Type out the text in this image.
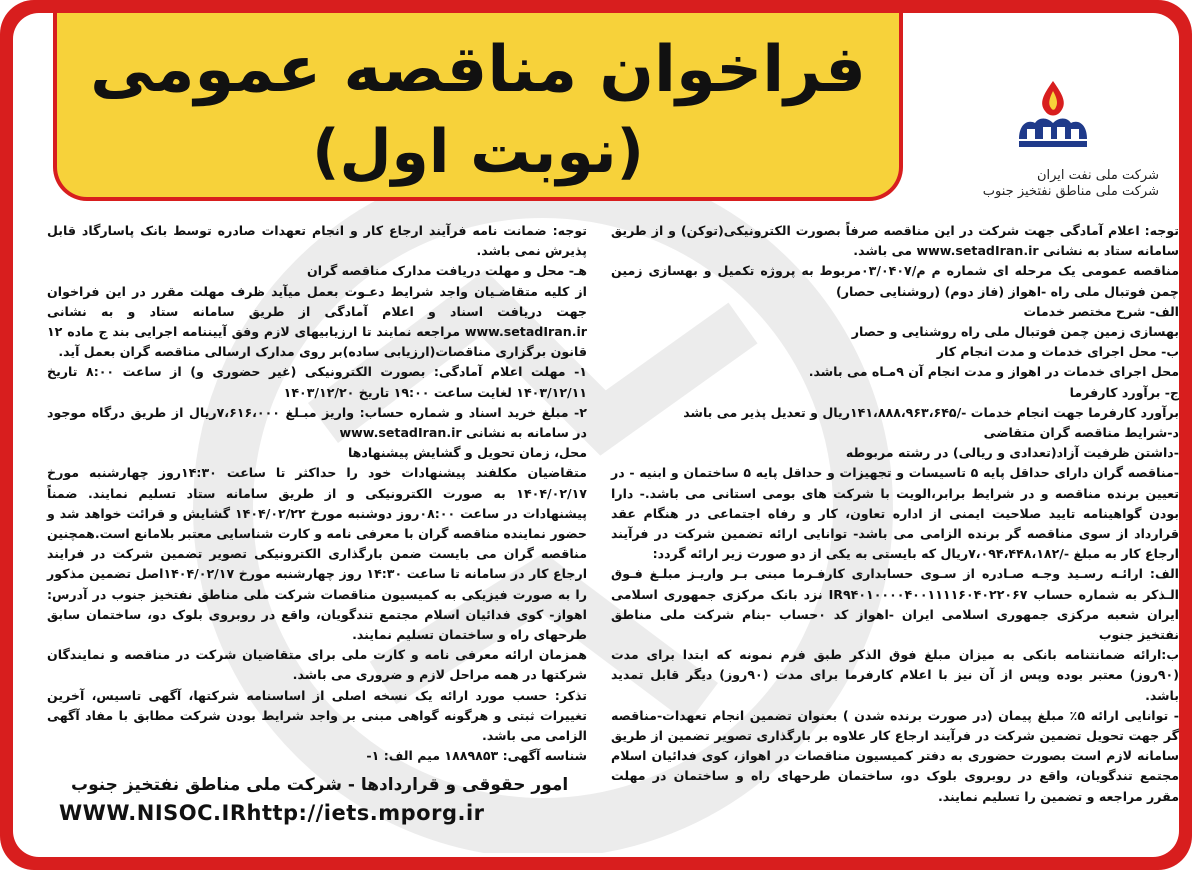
فراخوان مناقصه عمومی
(نوبت اول)	شرکت ملی نفت ایران
شرکت ملی مناطق نفتخیز جنوب

توجه: اعلام آمادگی جهت شرکت در این مناقصه صرفاً بصورت الکترونیکی(توکن) و از طریق سامانه ستاد به نشانی www.setadIran.ir می باشد.

مناقصه عمومی یک مرحله ای شماره م م/۰۳/۰۴۰۷مربوط به پروژه تکمیل و بهسازی زمین چمن فوتبال ملی راه -اهواز (فاز دوم) (روشنایی حصار)

الف- شرح مختصر خدمات

بهسازی زمین چمن فوتبال ملی راه روشنایی و حصار

ب- محل اجرای خدمات و مدت انجام کار

محل اجرای خدمات در اهواز و مدت انجام آن ۹مـاه می باشد.

ج- برآورد کارفرما

برآورد کارفرما جهت انجام خدمات -/۱۴۱،۸۸۸،۹۶۳،۶۴۵ریال و تعدیل پذیر می باشد

د-شرایط مناقصه گران متقاضی

-داشتن ظرفیت آزاد(تعدادی و ریالی) در رشته مربوطه

-مناقصه گران دارای حداقل پایه ۵ تاسیسات و تجهیزات و حداقل پایه ۵ ساختمان و ابنیه - در تعیین برنده مناقصه و در شرایط برابر،الویت با شرکت های بومی استانی می باشد.- دارا بودن گواهینامه تایید صلاحیت ایمنی از اداره تعاون، کار و رفاه اجتماعی در هنگام عقد قرارداد از سوی مناقصه گر برنده الزامی می باشد- توانایی ارائه تضمین شرکت در فرآیند ارجاع کار به مبلغ -/۷،۰۹۴،۴۴۸،۱۸۲ریال که بایستی به یکی از دو صورت زیر ارائه گردد:

الف: ارائـه رسـید وجـه صـادره از سـوی حسابداری کارفـرما مبنی بـر واریـز مبلـغ فـوق الـذکر به شماره حساب IR۹۴۰۱۰۰۰۰۴۰۰۱۱۱۱۶۰۴۰۲۲۰۶۷ نزد بانک مرکزی جمهوری اسلامی ایران شعبه مرکزی جمهوری اسلامی ایران -اهواز کد ۰حساب -بنام شرکت ملی مناطق نفتخیز جنوب

ب:ارائه ضمانتنامه بانکی به میزان مبلغ فوق الذکر طبق فرم نمونه که ابتدا برای مدت (۹۰روز) معتبر بوده وپس از آن نیز با اعلام کارفرما برای مدت (۹۰روز) دیگر قابل تمدید باشد.

- توانایی ارائه ۵٪ مبلغ پیمان (در صورت برنده شدن ) بعنوان تضمین انجام تعهدات-مناقصه گر جهت تحویل تضمین شرکت در فرآیند ارجاع کار علاوه بر بارگذاری تصویر تضمین از طریق سامانه لازم است بصورت حضوری به دفتر کمیسیون مناقصات در اهواز، کوی فدائیان اسلام مجتمع تندگویان، واقع در روبروی بلوک دو، ساختمان طرحهای راه و ساختمان در مهلت مقرر مراجعه و تضمین را تسلیم نمایند.

توجه: ضمانت نامه فرآیند ارجاع کار و انجام تعهدات صادره توسط بانک پاسارگاد قابل پذیرش نمی باشد.

هـ- محل و مهلت دریافت مدارک مناقصه گران

از کلیه متقاضـیان واجد شرایط دعـوت بعمل میآید ظرف مهلت مقرر در این فراخوان جهت دریافت اسناد و اعلام آمادگی از طریق سامانه ستاد و به نشانی www.setadIran.ir مراجعه نمایند تا ارزیابیهای لازم وفق آییننامه اجرایی بند ج ماده ۱۲ قانون برگزاری مناقصات(ارزیابی ساده)بر روی مدارک ارسالی مناقصه گران بعمل آید.

۱- مهلت اعلام آمادگی: بصورت الکترونیکی (غیر حضوری و) از ساعت ۸:۰۰ تاریخ ۱۴۰۳/۱۲/۱۱ لغایت ساعت ۱۹:۰۰ تاریخ ۱۴۰۳/۱۲/۲۰

۲- مبلغ خرید اسناد و شماره حساب: واریز مبـلغ ۷،۶۱۶،۰۰۰ریال از طریق درگاه موجود در سامانه به نشانی www.setadIran.ir

محل، زمان تحویل و گشایش پیشنهادها

متقاضیان مکلفند پیشنهادات خود را حداکثر تا ساعت ۱۴:۳۰روز چهارشنبه مورخ ۱۴۰۴/۰۲/۱۷ به صورت الکترونیکی و از طریق سامانه ستاد تسلیم نمایند. ضمناً پیشنهادات در ساعت ۰۸:۰۰روز دوشنبه مورخ ۱۴۰۴/۰۲/۲۲ گشایش و قرائت خواهد شد و حضور نماینده مناقصه گران با معرفی نامه و کارت شناسایی معتبر بلامانع است.همچنین مناقصه گران می بایست ضمن بارگذاری الکترونیکی تصویر تضمین شرکت در فرایند ارجاع کار در سامانه تا ساعت ۱۴:۳۰ روز چهارشنبه مورخ ۱۴۰۴/۰۲/۱۷اصل تضمین مذکور را به صورت فیزیکی به کمیسیون مناقصات شرکت ملی مناطق نفتخیز جنوب در آدرس: اهواز- کوی فدائیان اسلام مجتمع تندگویان، واقع در روبروی بلوک دو، ساختمان سابق طرحهای راه و ساختمان تسلیم نمایند.

همزمان ارائه معرفی نامه و کارت ملی برای متقاضیان شرکت در مناقصه و نمایندگان شرکتها در همه مراحل لازم و ضروری می باشد.

تذکر: حسب مورد ارائه یک نسخه اصلی از اساسنامه شرکتها، آگهی تاسیس، آخرین تغییرات ثبتی و هرگونه گواهی مبنی بر واجد شرایط بودن شرکت مطابق با مفاد آگهی الزامی می باشد.

شناسه آگهی: ۱۸۸۹۸۵۳ میم الف: ۱-

امور حقوقی و قراردادها - شرکت ملی مناطق نفتخیز جنوب
WWW.NISOC.IRhttp://iets.mporg.ir
